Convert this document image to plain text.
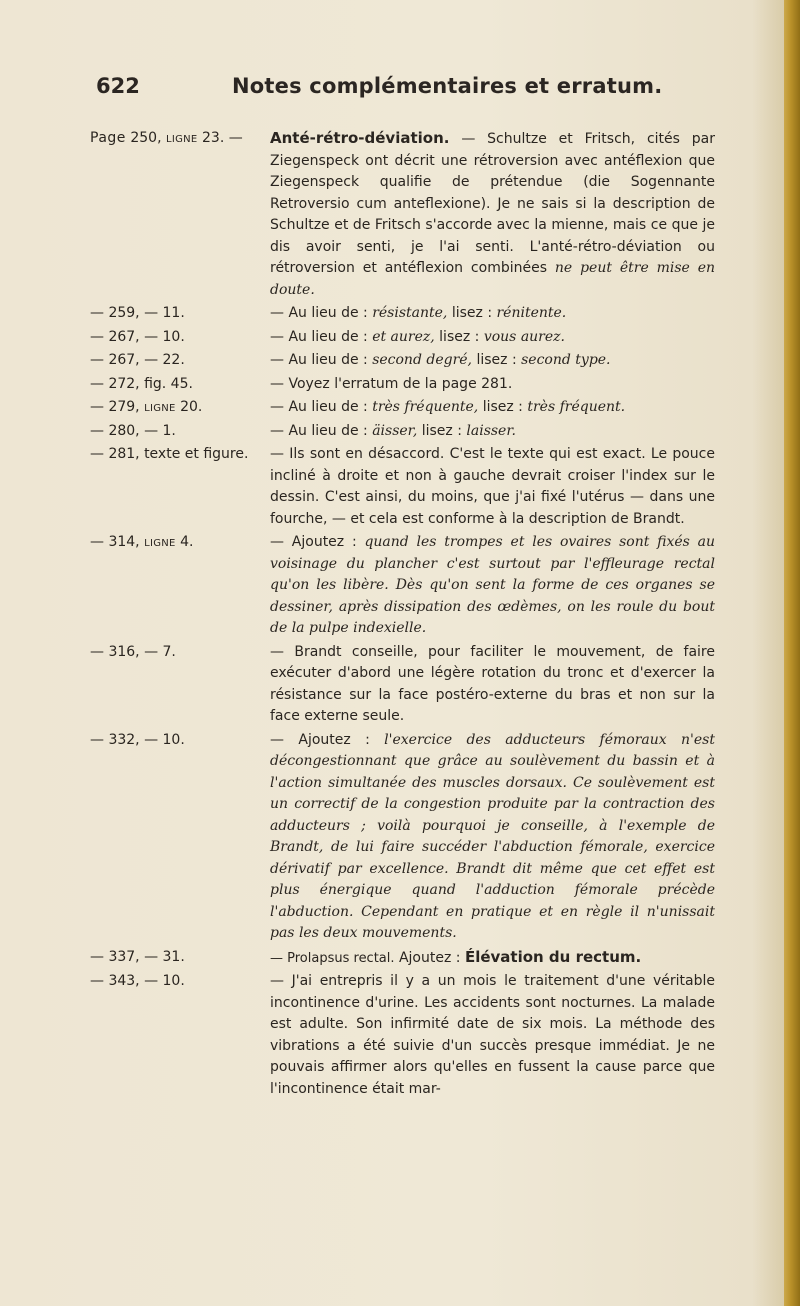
622	Notes complémentaires et erratum.
Page 250, LIGNE 23. —	Anté-rétro-déviation. — Schultze et Fritsch, cités par Ziegenspeck ont décrit une rétroversion avec antéflexion que Ziegenspeck qualifie de prétendue (die Sogennante Retroversio cum anteflexione). Je ne sais si la description de Schultze et de Fritsch s'accorde avec la mienne, mais ce que je dis avoir senti, je l'ai senti. L'anté-rétro-déviation ou rétroversion et antéflexion combinées ne peut être mise en doute.
— 259, — 11.	— Au lieu de : résistante, lisez : rénitente.
— 267, — 10.	— Au lieu de : et aurez, lisez : vous aurez.
— 267, — 22.	— Au lieu de : second degré, lisez : second type.
— 272, fig. 45.	— Voyez l'erratum de la page 281.
— 279, LIGNE 20.	— Au lieu de : très fréquente, lisez : très fréquent.
— 280, — 1.	— Au lieu de : äisser, lisez : laisser.
— 281, texte et figure.	— Ils sont en désaccord. C'est le texte qui est exact. Le pouce incliné à droite et non à gauche devrait croiser l'index sur le dessin. C'est ainsi, du moins, que j'ai fixé l'utérus — dans une fourche, — et cela est conforme à la description de Brandt.
— 314, LIGNE 4.	— Ajoutez : quand les trompes et les ovaires sont fixés au voisinage du plancher c'est surtout par l'effleurage rectal qu'on les libère. Dès qu'on sent la forme de ces organes se dessiner, après dissipation des œdèmes, on les roule du bout de la pulpe indexielle.
— 316, — 7.	— Brandt conseille, pour faciliter le mouvement, de faire exécuter d'abord une légère rotation du tronc et d'exercer la résistance sur la face postéro-externe du bras et non sur la face externe seule.
— 332, — 10.	— Ajoutez : l'exercice des adducteurs fémoraux n'est décongestionnant que grâce au soulèvement du bassin et à l'action simultanée des muscles dorsaux. Ce soulèvement est un correctif de la congestion produite par la contraction des adducteurs ; voilà pourquoi je conseille, à l'exemple de Brandt, de lui faire succéder l'abduction fémorale, exercice dérivatif par excellence. Brandt dit même que cet effet est plus énergique quand l'adduction fémorale précède l'abduction. Cependant en pratique et en règle il n'unissait pas les deux mouvements.
— 337, — 31.	— Prolapsus rectal. Ajoutez : Élévation du rectum.
— 343, — 10.	— J'ai entrepris il y a un mois le traitement d'une véritable incontinence d'urine. Les accidents sont nocturnes. La malade est adulte. Son infirmité date de six mois. La méthode des vibrations a été suivie d'un succès presque immédiat. Je ne pouvais affirmer alors qu'elles en fussent la cause parce que l'incontinence était mar-
